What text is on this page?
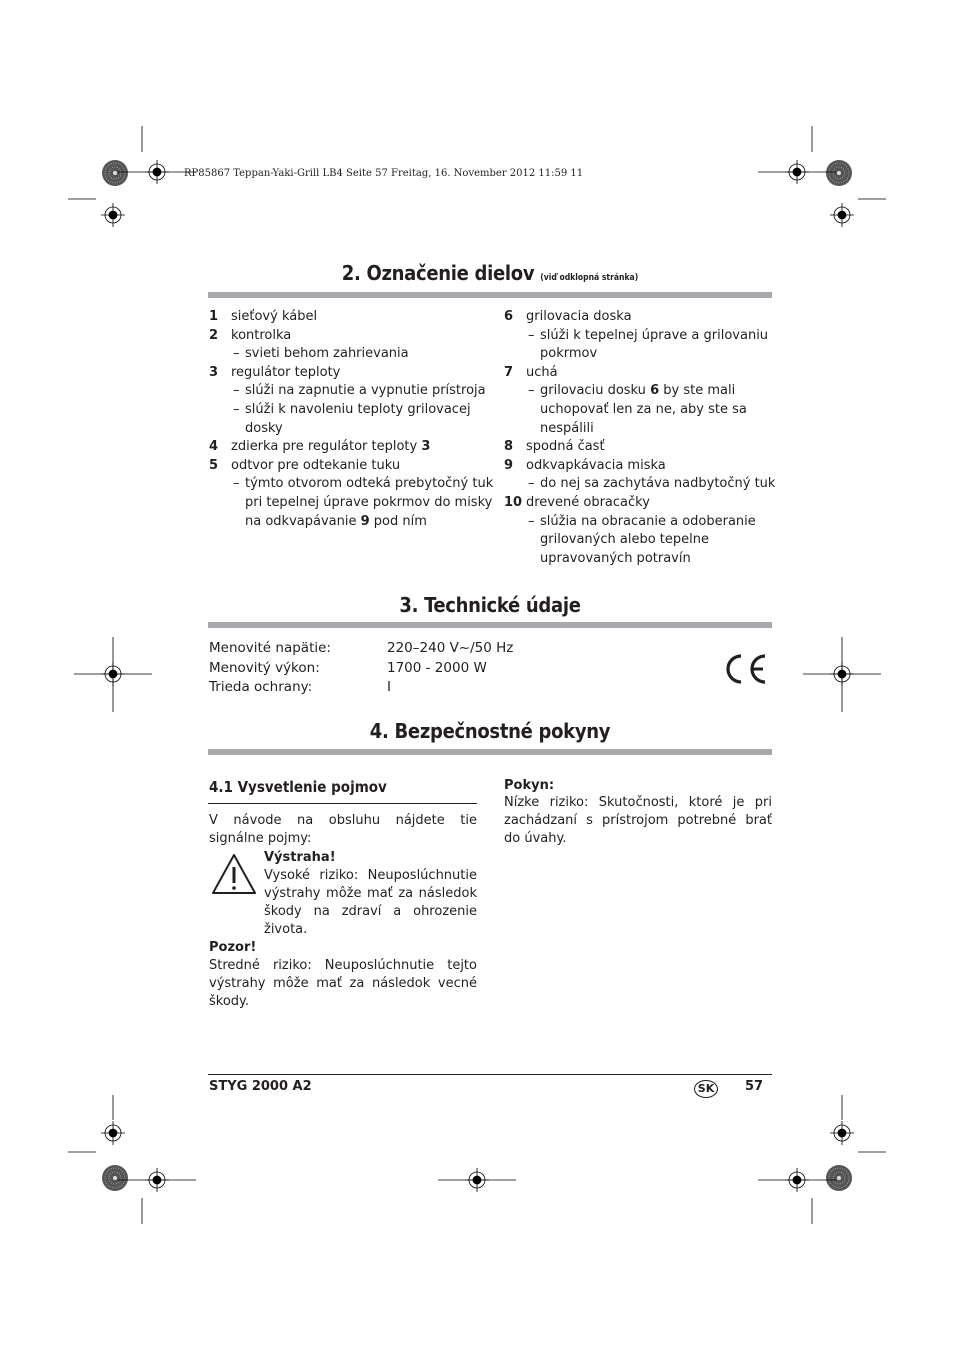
RP85867 Teppan-Yaki-Grill LB4 Seite 57 Freitag, 16. November 2012 11:59 11
2. Označenie dielov (viď odklopná stránka)
1 sieťový kábel
2 kontrolka
– svieti behom zahrievania
3 regulátor teploty
– slúži na zapnutie a vypnutie prístroja
– slúži k navoleniu teploty grilovacej
dosky
4 zdierka pre regulátor teploty 3
5 odtvor pre odtekanie tuku
– týmto otvorom odteká prebytočný tuk
pri tepelnej úprave pokrmov do misky
na odkvapávanie 9 pod ním
6 grilovacia doska
– slúži k tepelnej úprave a grilovaniu
pokrmov
7 uchá
– grilovaciu dosku 6 by ste mali
uchopovať len za ne, aby ste sa
nespálili
8 spodná časť
9 odkvapkávacia miska
– do nej sa zachytáva nadbytočný tuk
10 drevené obracačky
– slúžia na obracanie a odoberanie
grilovaných alebo tepelne
upravovaných potravín
3. Technické údaje
Menovité napätie:	220–240 V~/50 Hz
Menovitý výkon:	1700 - 2000 W
Trieda ochrany:	I
4. Bezpečnostné pokyny
4.1 Vysvetlenie pojmov
V návode na obsluhu nájdete tie signálne pojmy:
Výstraha!
Vysoké riziko: Neuposlúchnutie výstrahy môže mať za následok škody na zdraví a ohrozenie života.
Pozor!
Stredné riziko: Neuposlúchnutie tejto výstrahy môže mať za následok vecné škody.
Pokyn:
Nízke riziko: Skutočnosti, ktoré je pri zachádzaní s prístrojom potrebné brať do úvahy.
STYG 2000 A2	SK 57
